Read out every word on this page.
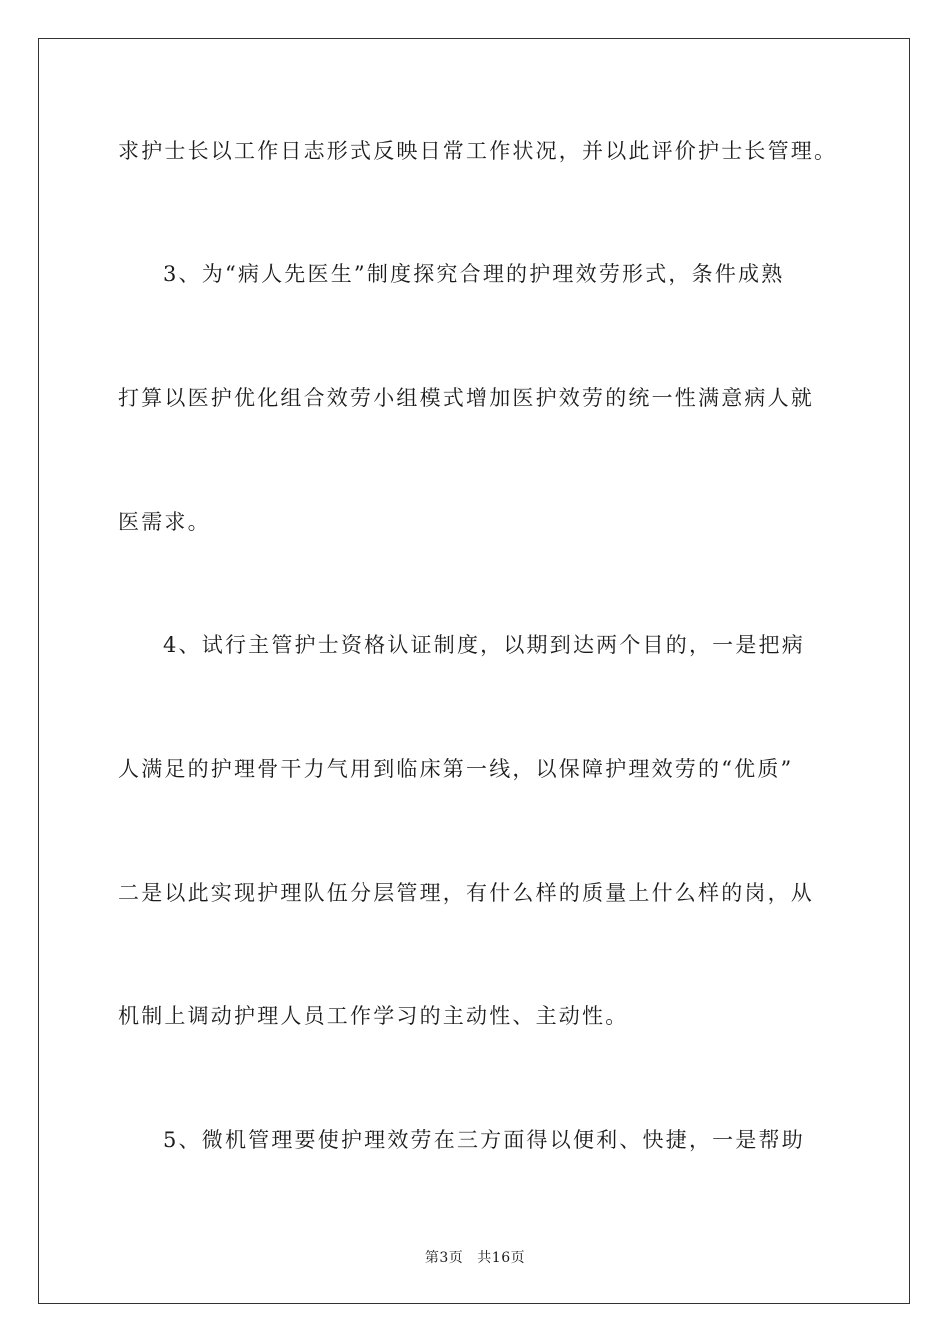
求护士长以工作日志形式反映日常工作状况，并以此评价护士长管理。
3、为“病人先医生”制度探究合理的护理效劳形式，条件成熟
打算以医护优化组合效劳小组模式增加医护效劳的统一性满意病人就
医需求。
4、试行主管护士资格认证制度，以期到达两个目的，一是把病
人满足的护理骨干力气用到临床第一线，以保障护理效劳的“优质”
二是以此实现护理队伍分层管理，有什么样的质量上什么样的岗，从
机制上调动护理人员工作学习的主动性、主动性。
5、微机管理要使护理效劳在三方面得以便利、快捷，一是帮助
第3页 共16页
